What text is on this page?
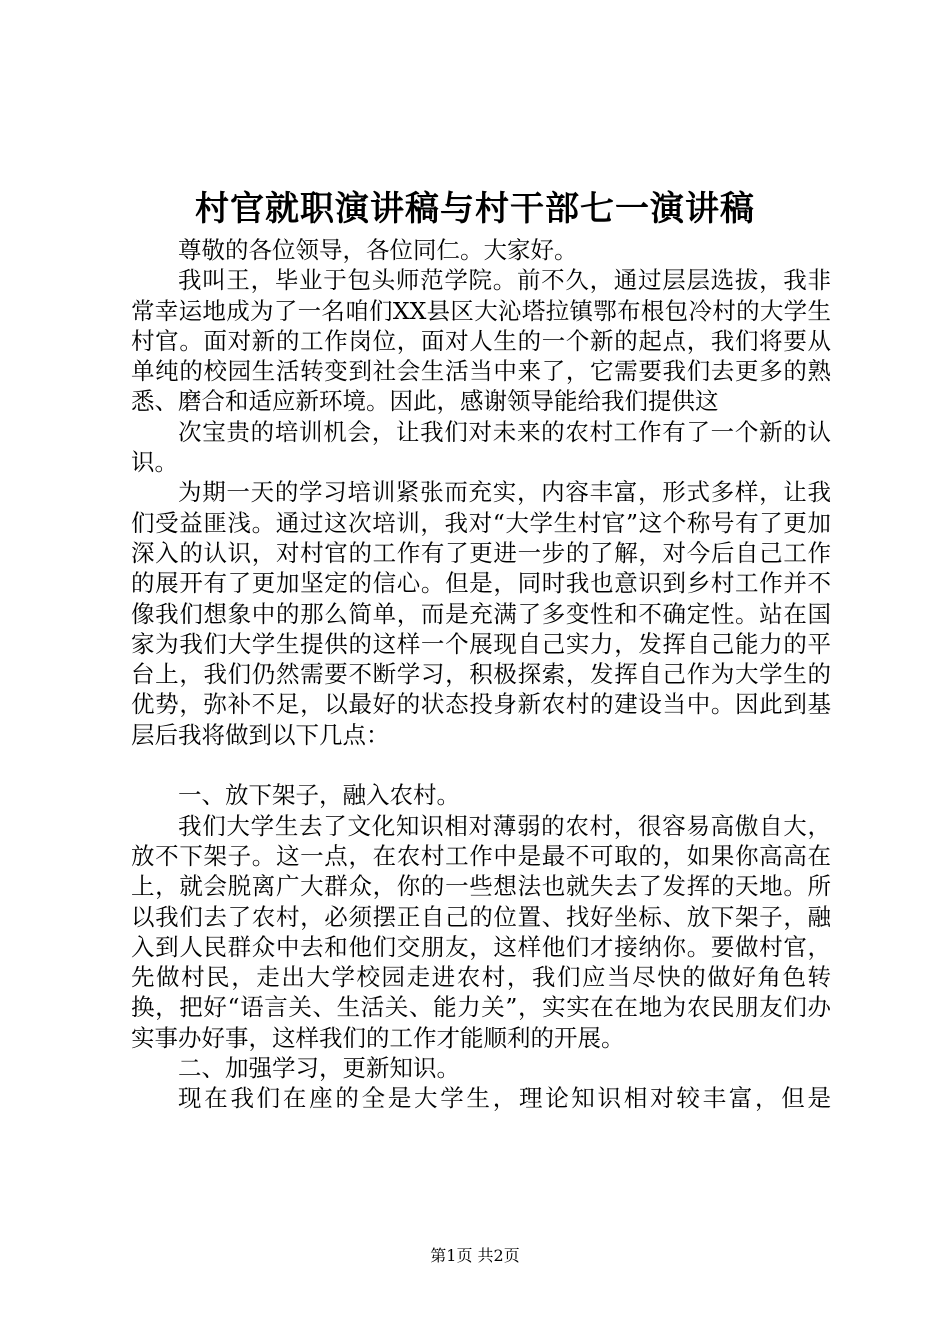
村官就职演讲稿与村干部七一演讲稿

尊敬的各位领导，各位同仁。大家好。

我叫王，毕业于包头师范学院。前不久，通过层层选拔，我非常幸运地成为了一名咱们XX县区大沁塔拉镇鄂布根包冷村的大学生村官。面对新的工作岗位，面对人生的一个新的起点，我们将要从单纯的校园生活转变到社会生活当中来了，它需要我们去更多的熟悉、磨合和适应新环境。因此，感谢领导能给我们提供这

次宝贵的培训机会，让我们对未来的农村工作有了一个新的认识。

为期一天的学习培训紧张而充实，内容丰富，形式多样，让我们受益匪浅。通过这次培训，我对“大学生村官”这个称号有了更加深入的认识，对村官的工作有了更进一步的了解，对今后自己工作的展开有了更加坚定的信心。但是，同时我也意识到乡村工作并不像我们想象中的那么简单，而是充满了多变性和不确定性。站在国家为我们大学生提供的这样一个展现自己实力，发挥自己能力的平台上，我们仍然需要不断学习，积极探索，发挥自己作为大学生的优势，弥补不足，以最好的状态投身新农村的建设当中。因此到基层后我将做到以下几点：

一、放下架子，融入农村。

我们大学生去了文化知识相对薄弱的农村，很容易高傲自大，放不下架子。这一点，在农村工作中是最不可取的，如果你高高在上，就会脱离广大群众，你的一些想法也就失去了发挥的天地。所以我们去了农村，必须摆正自己的位置、找好坐标、放下架子，融入到人民群众中去和他们交朋友，这样他们才接纳你。要做村官，先做村民，走出大学校园走进农村，我们应当尽快的做好角色转换，把好“语言关、生活关、能力关”，实实在在地为农民朋友们办实事办好事，这样我们的工作才能顺利的开展。

二、加强学习，更新知识。

现在我们在座的全是大学生，理论知识相对较丰富，但是

第1页 共2页
